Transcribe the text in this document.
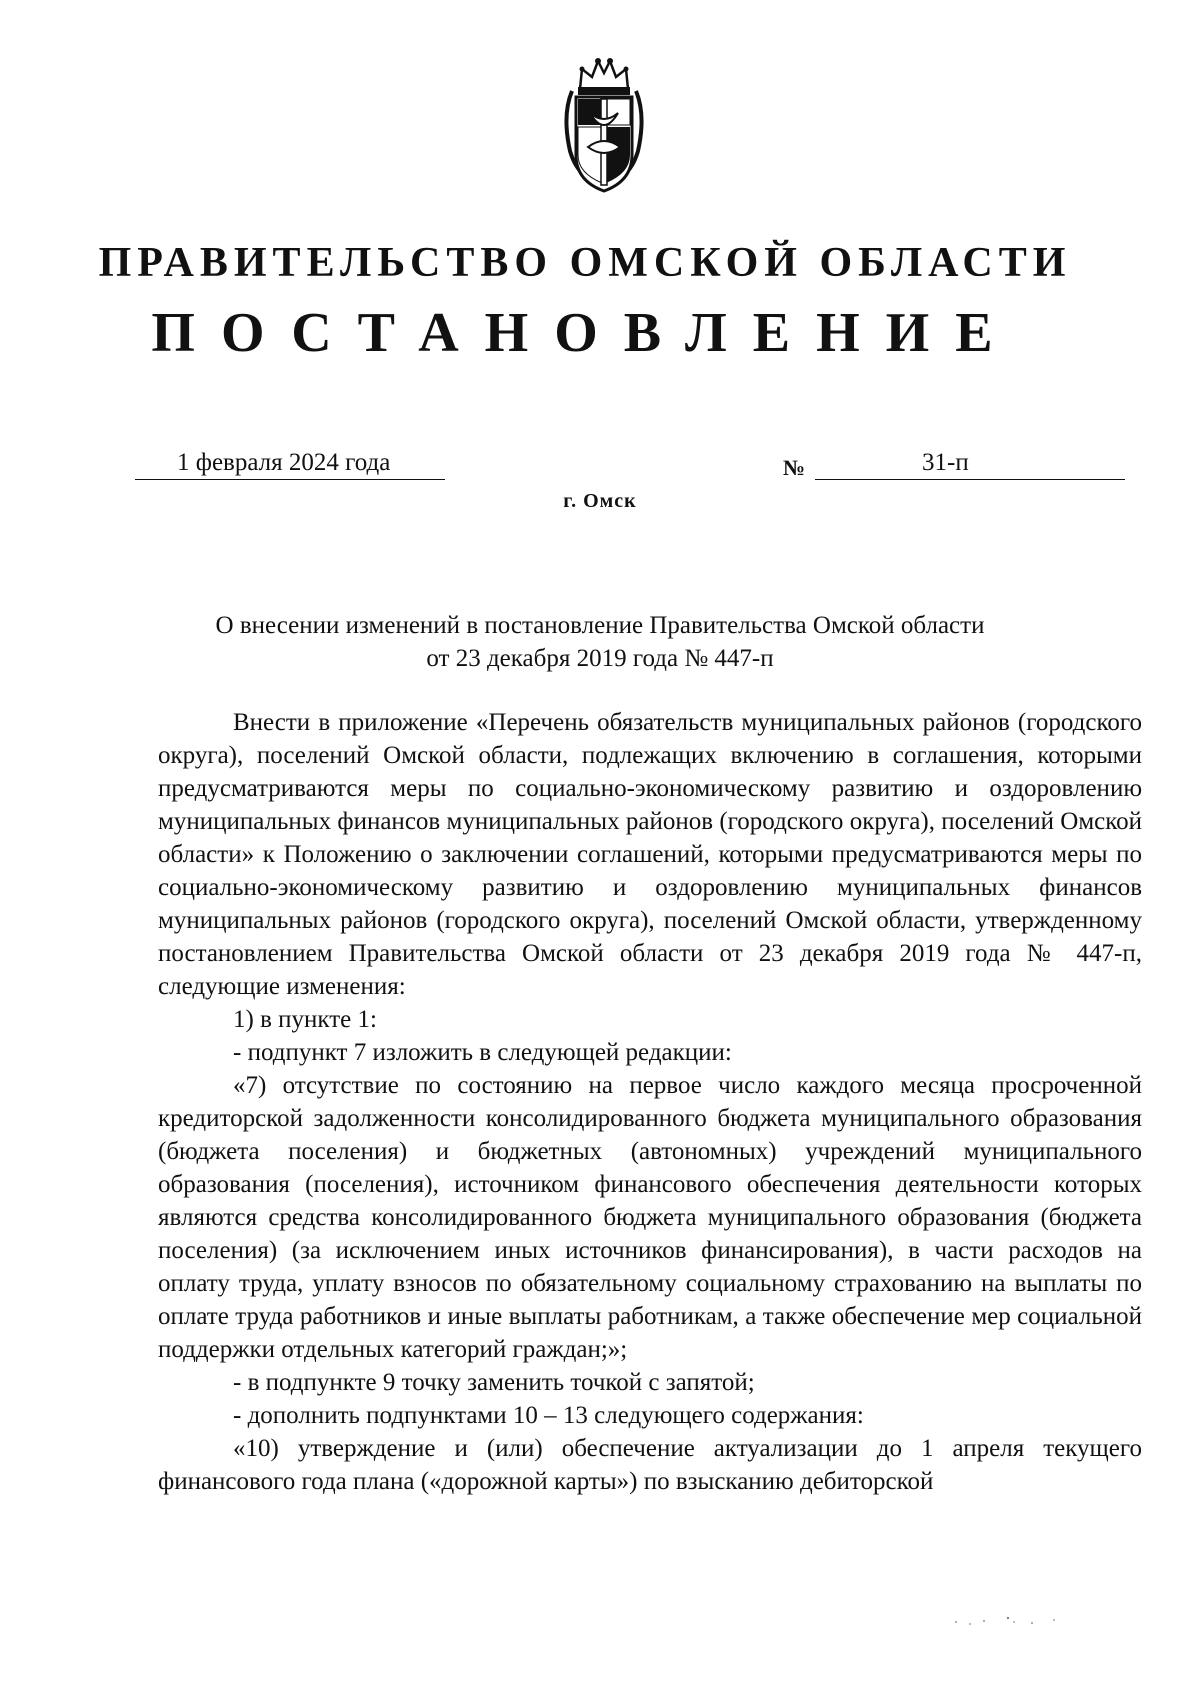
ПРАВИТЕЛЬСТВО ОМСКОЙ ОБЛАСТИ
ПОСТАНОВЛЕНИЕ
1 февраля 2024 года	№	31-п
г. Омск
О внесении изменений в постановление Правительства Омской области
от 23 декабря 2019 года № 447-п

Внести в приложение «Перечень обязательств муниципальных районов (городского округа), поселений Омской области, подлежащих включению в соглашения, которыми предусматриваются меры по социально-экономическому развитию и оздоровлению муниципальных финансов муниципальных районов (городского округа), поселений Омской области» к Положению о заключении соглашений, которыми предусматриваются меры по социально-экономическому развитию и оздоровлению муниципальных финансов муниципальных районов (городского округа), поселений Омской области, утвержденному постановлением Правительства Омской области от 23 декабря 2019 года № 447-п, следующие изменения:

1) в пункте 1:

- подпункт 7 изложить в следующей редакции:

«7) отсутствие по состоянию на первое число каждого месяца просроченной кредиторской задолженности консолидированного бюджета муниципального образования (бюджета поселения) и бюджетных (автономных) учреждений муниципального образования (поселения), источником финансового обеспечения деятельности которых являются средства консолидированного бюджета муниципального образования (бюджета поселения) (за исключением иных источников финансирования), в части расходов на оплату труда, уплату взносов по обязательному социальному страхованию на выплаты по оплате труда работников и иные выплаты работникам, а также обеспечение мер социальной поддержки отдельных категорий граждан;»;

- в подпункте 9 точку заменить точкой с запятой;

- дополнить подпунктами 10 – 13 следующего содержания:

«10) утверждение и (или) обеспечение актуализации до 1 апреля текущего финансового года плана («дорожной карты») по взысканию дебиторской
